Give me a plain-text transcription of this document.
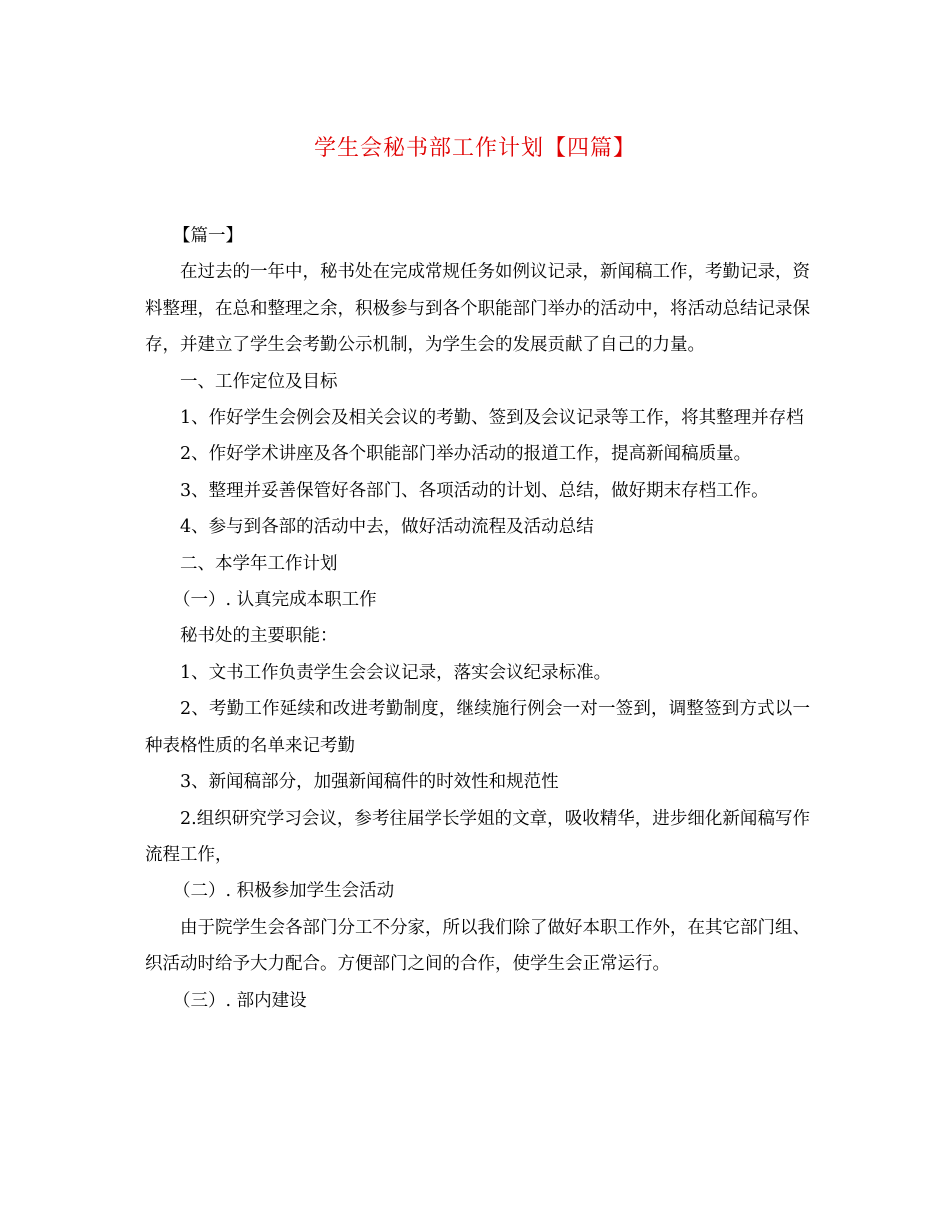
学生会秘书部工作计划【四篇】

【篇一】

在过去的一年中，秘书处在完成常规任务如例议记录，新闻稿工作，考勤记录，资料整理，在总和整理之余，积极参与到各个职能部门举办的活动中，将活动总结记录保存，并建立了学生会考勤公示机制，为学生会的发展贡献了自己的力量。

一、工作定位及目标

1、作好学生会例会及相关会议的考勤、签到及会议记录等工作，将其整理并存档

2、作好学术讲座及各个职能部门举办活动的报道工作，提高新闻稿质量。

3、整理并妥善保管好各部门、各项活动的计划、总结，做好期末存档工作。

4、参与到各部的活动中去，做好活动流程及活动总结

二、本学年工作计划

（一）. 认真完成本职工作

秘书处的主要职能：

1、文书工作负责学生会会议记录，落实会议纪录标准。

2、考勤工作延续和改进考勤制度，继续施行例会一对一签到，调整签到方式以一种表格性质的名单来记考勤

3、新闻稿部分，加强新闻稿件的时效性和规范性

2.组织研究学习会议，参考往届学长学姐的文章，吸收精华，进步细化新闻稿写作流程工作，

（二）. 积极参加学生会活动

由于院学生会各部门分工不分家，所以我们除了做好本职工作外，在其它部门组、织活动时给予大力配合。方便部门之间的合作，使学生会正常运行。

（三）. 部内建设
